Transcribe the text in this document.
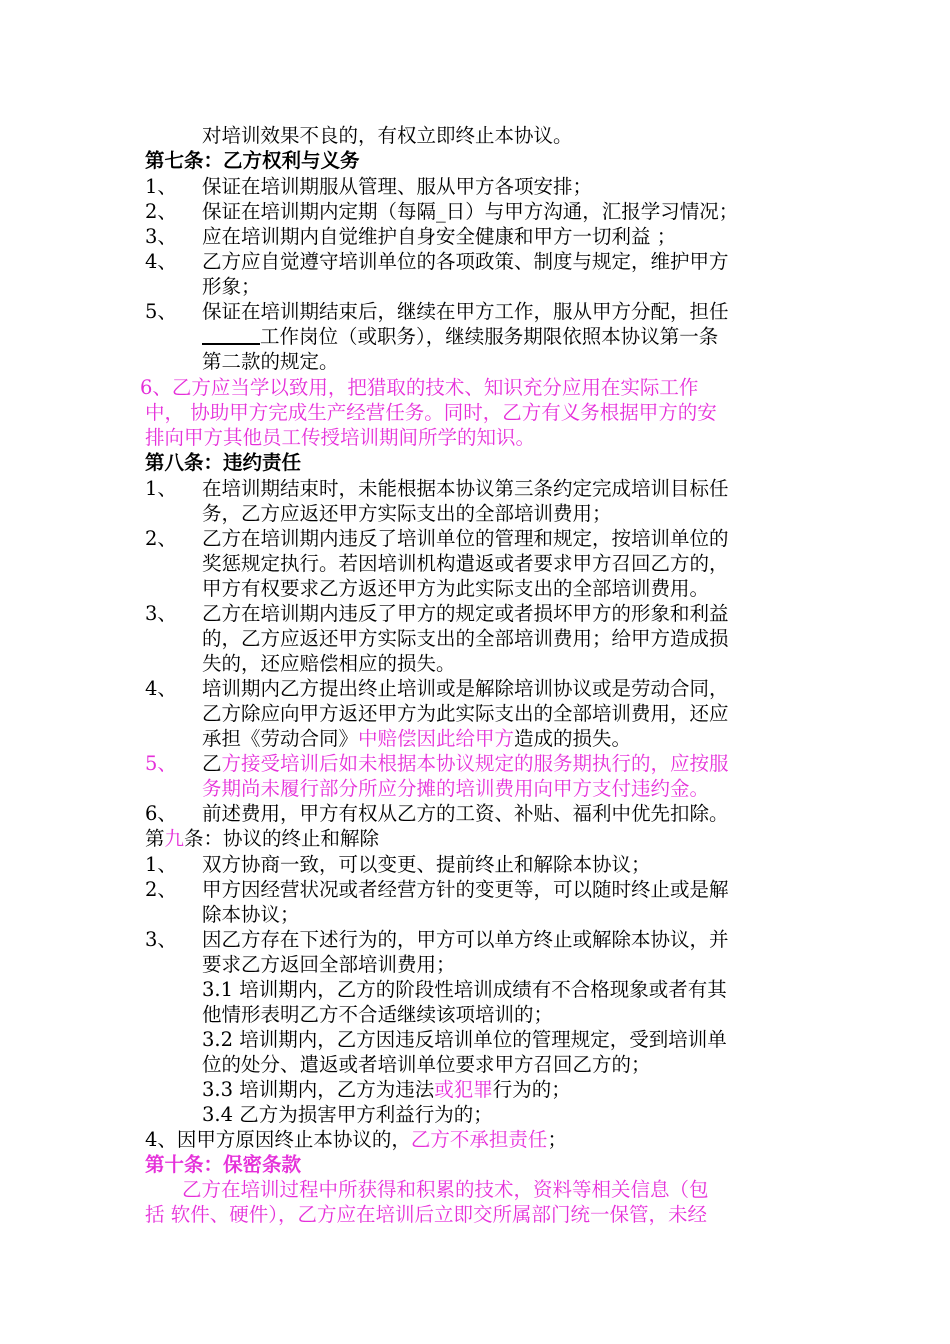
对培训效果不良的，有权立即终止本协议。
第七条：乙方权利与义务
1、 保证在培训期服从管理、服从甲方各项安排；
2、 保证在培训期内定期（每隔_日）与甲方沟通，汇报学习情况；
3、 应在培训期内自觉维护自身安全健康和甲方一切利益 ；
4、 乙方应自觉遵守培训单位的各项政策、制度与规定，维护甲方
形象；
5、 保证在培训期结束后，继续在甲方工作，服从甲方分配，担任
工作岗位（或职务），继续服务期限依照本协议第一条
第二款的规定。
6、乙方应当学以致用，把猎取的技术、知识充分应用在实际工作
中， 协助甲方完成生产经营任务。同时，乙方有义务根据甲方的安
排向甲方其他员工传授培训期间所学的知识。
第八条：违约责任
1、 在培训期结束时，未能根据本协议第三条约定完成培训目标任
务，乙方应返还甲方实际支出的全部培训费用；
2、 乙方在培训期内违反了培训单位的管理和规定，按培训单位的
奖惩规定执行。若因培训机构遣返或者要求甲方召回乙方的，
甲方有权要求乙方返还甲方为此实际支出的全部培训费用。
3、 乙方在培训期内违反了甲方的规定或者损坏甲方的形象和利益
的，乙方应返还甲方实际支出的全部培训费用；给甲方造成损
失的，还应赔偿相应的损失。
4、 培训期内乙方提出终止培训或是解除培训协议或是劳动合同，
乙方除应向甲方返还甲方为此实际支出的全部培训费用，还应
承担《劳动合同》中赔偿因此给甲方造成的损失。
5、 乙方接受培训后如未根据本协议规定的服务期执行的，应按服
务期尚未履行部分所应分摊的培训费用向甲方支付违约金。
6、 前述费用，甲方有权从乙方的工资、补贴、福利中优先扣除。
第九条：协议的终止和解除
1、 双方协商一致，可以变更、提前终止和解除本协议；
2、 甲方因经营状况或者经营方针的变更等，可以随时终止或是解
除本协议；
3、 因乙方存在下述行为的，甲方可以单方终止或解除本协议，并
要求乙方返回全部培训费用；
3.1 培训期内，乙方的阶段性培训成绩有不合格现象或者有其
他情形表明乙方不合适继续该项培训的；
3.2 培训期内，乙方因违反培训单位的管理规定，受到培训单
位的处分、遣返或者培训单位要求甲方召回乙方的；
3.3 培训期内，乙方为违法或犯罪行为的；
3.4 乙方为损害甲方利益行为的；
4、因甲方原因终止本协议的，乙方不承担责任；
第十条：保密条款
乙方在培训过程中所获得和积累的技术，资料等相关信息（包
括 软件、硬件），乙方应在培训后立即交所属部门统一保管，未经
